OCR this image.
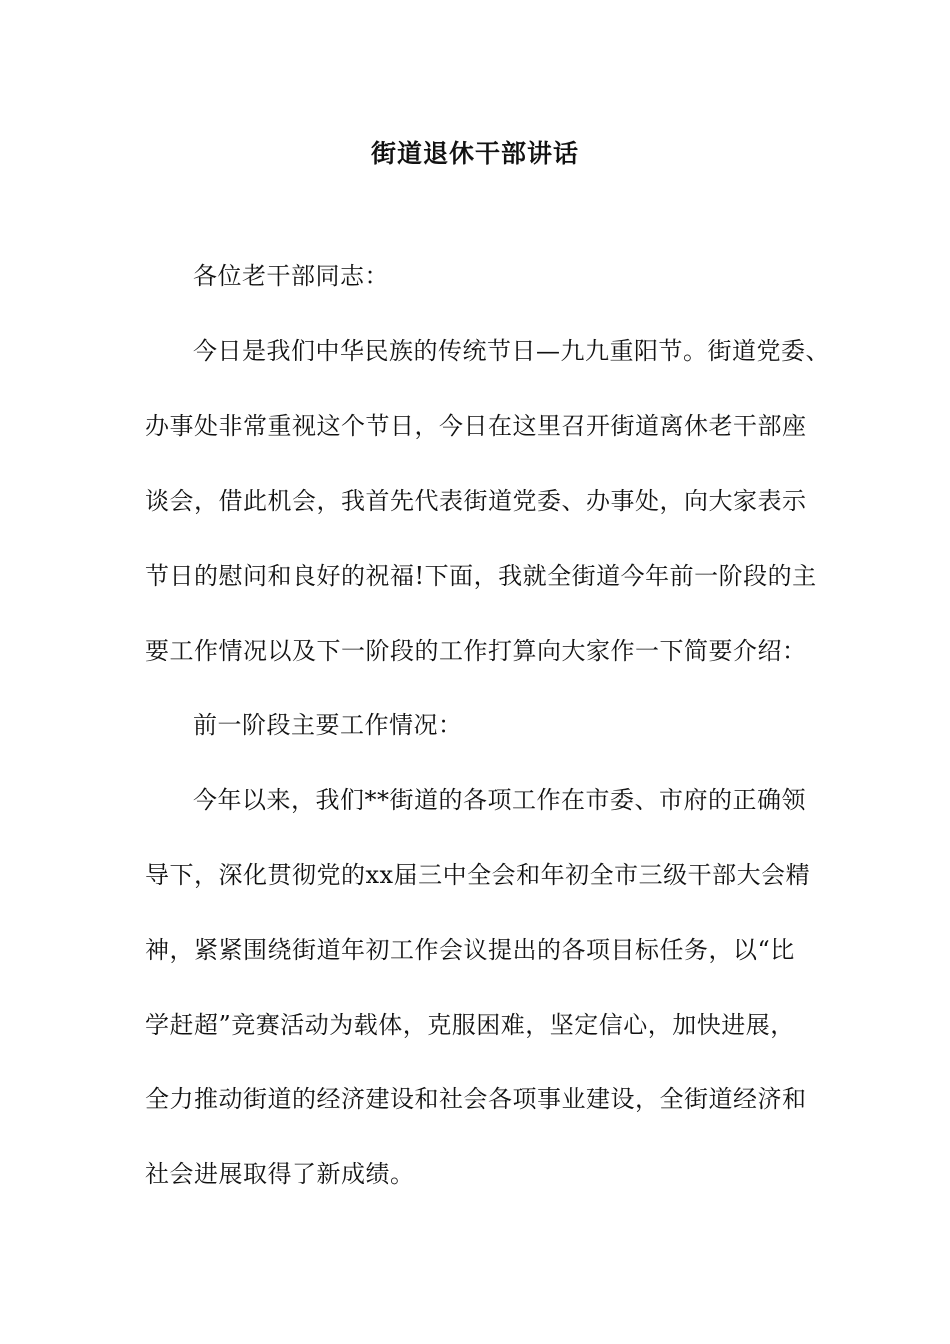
街道退休干部讲话
各位老干部同志：
今日是我们中华民族的传统节日—九九重阳节。街道党委、
办事处非常重视这个节日，今日在这里召开街道离休老干部座
谈会，借此机会，我首先代表街道党委、办事处，向大家表示
节日的慰问和良好的祝福!下面，我就全街道今年前一阶段的主
要工作情况以及下一阶段的工作打算向大家作一下简要介绍：
前一阶段主要工作情况：
今年以来，我们**街道的各项工作在市委、市府的正确领
导下，深化贯彻党的xx届三中全会和年初全市三级干部大会精
神，紧紧围绕街道年初工作会议提出的各项目标任务，以“比
学赶超”竞赛活动为载体，克服困难，坚定信心，加快进展，
全力推动街道的经济建设和社会各项事业建设，全街道经济和
社会进展取得了新成绩。
